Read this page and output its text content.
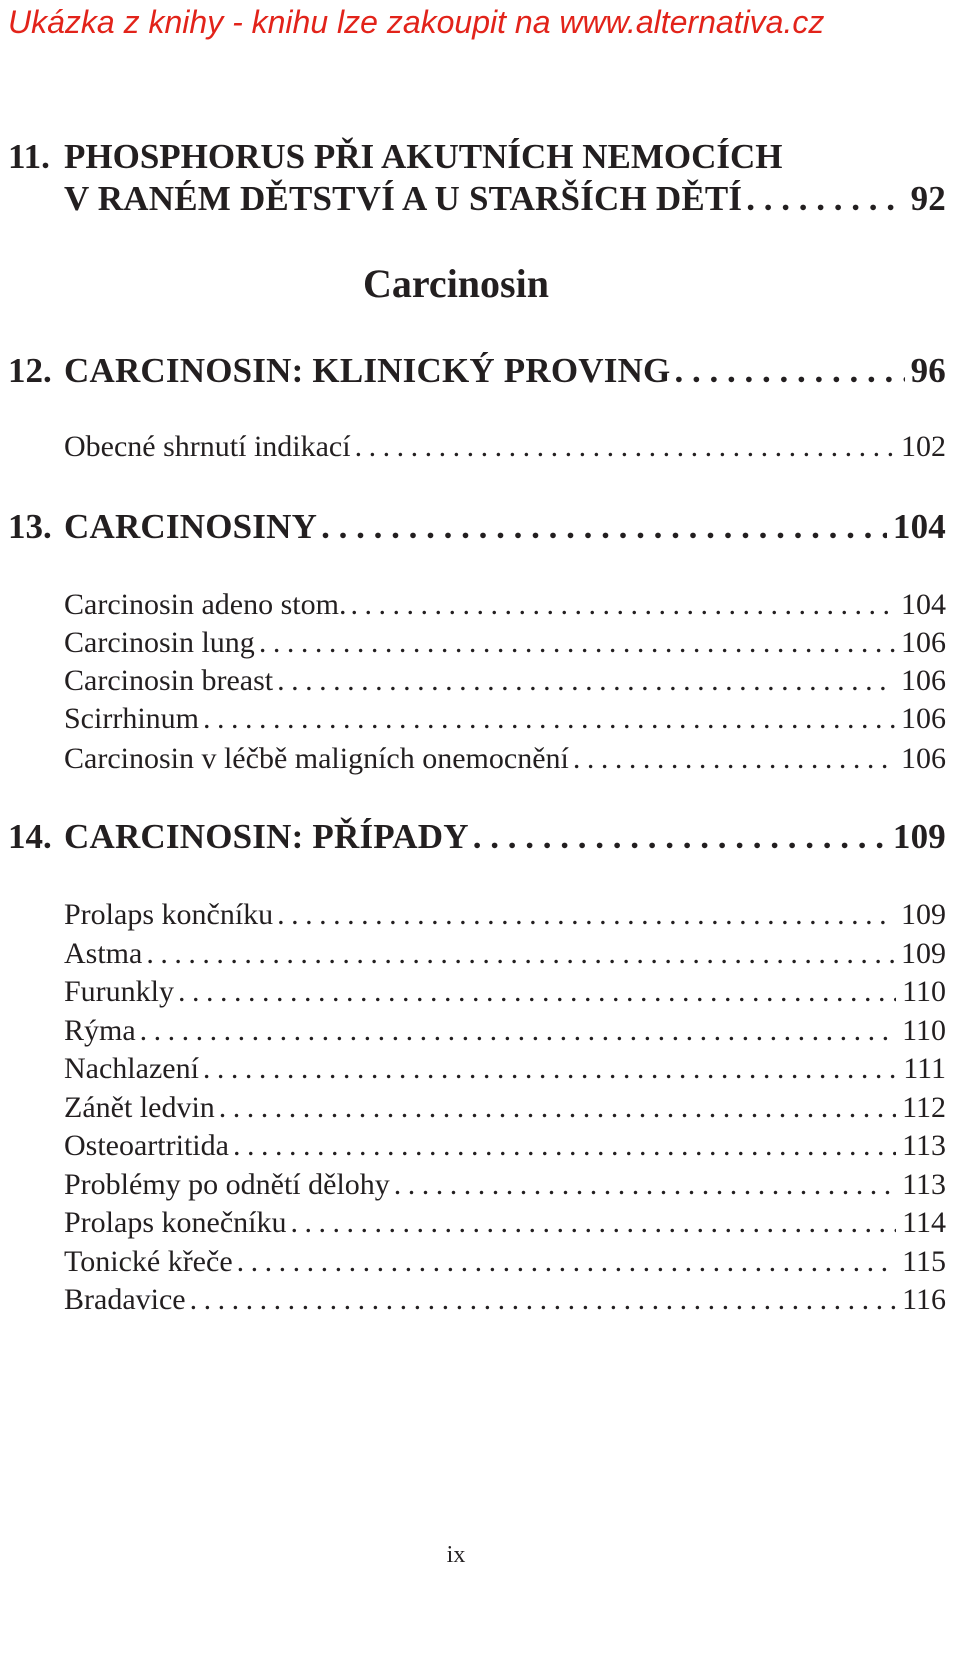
Ukázka z knihy - knihu lze zakoupit na www.alternativa.cz
11. PHOSPHORUS PŘI AKUTNÍCH NEMOCÍCH
V RANÉM DĚTSTVÍ A U STARŠÍCH DĚTÍ . . .	92
Carcinosin
12. CARCINOSIN: KLINICKÝ PROVING . . .	96
Obecné shrnutí indikací . . .	102
13. CARCINOSINY . . .	104
Carcinosin adeno stom. . . .	104
Carcinosin lung . . .	106
Carcinosin breast . . .	106
Scirrhinum . . .	106
Carcinosin v léčbě maligních onemocnění . . .	106
14. CARCINOSIN: PŘÍPADY . . .	109
Prolaps končníku . . .	109
Astma . . .	109
Furunkly . . .	110
Rýma . . .	110
Nachlazení . . .	111
Zánět ledvin . . .	112
Osteoartritida . . .	113
Problémy po odnětí dělohy . . .	113
Prolaps konečníku . . .	114
Tonické křeče . . .	115
Bradavice . . .	116
ix
